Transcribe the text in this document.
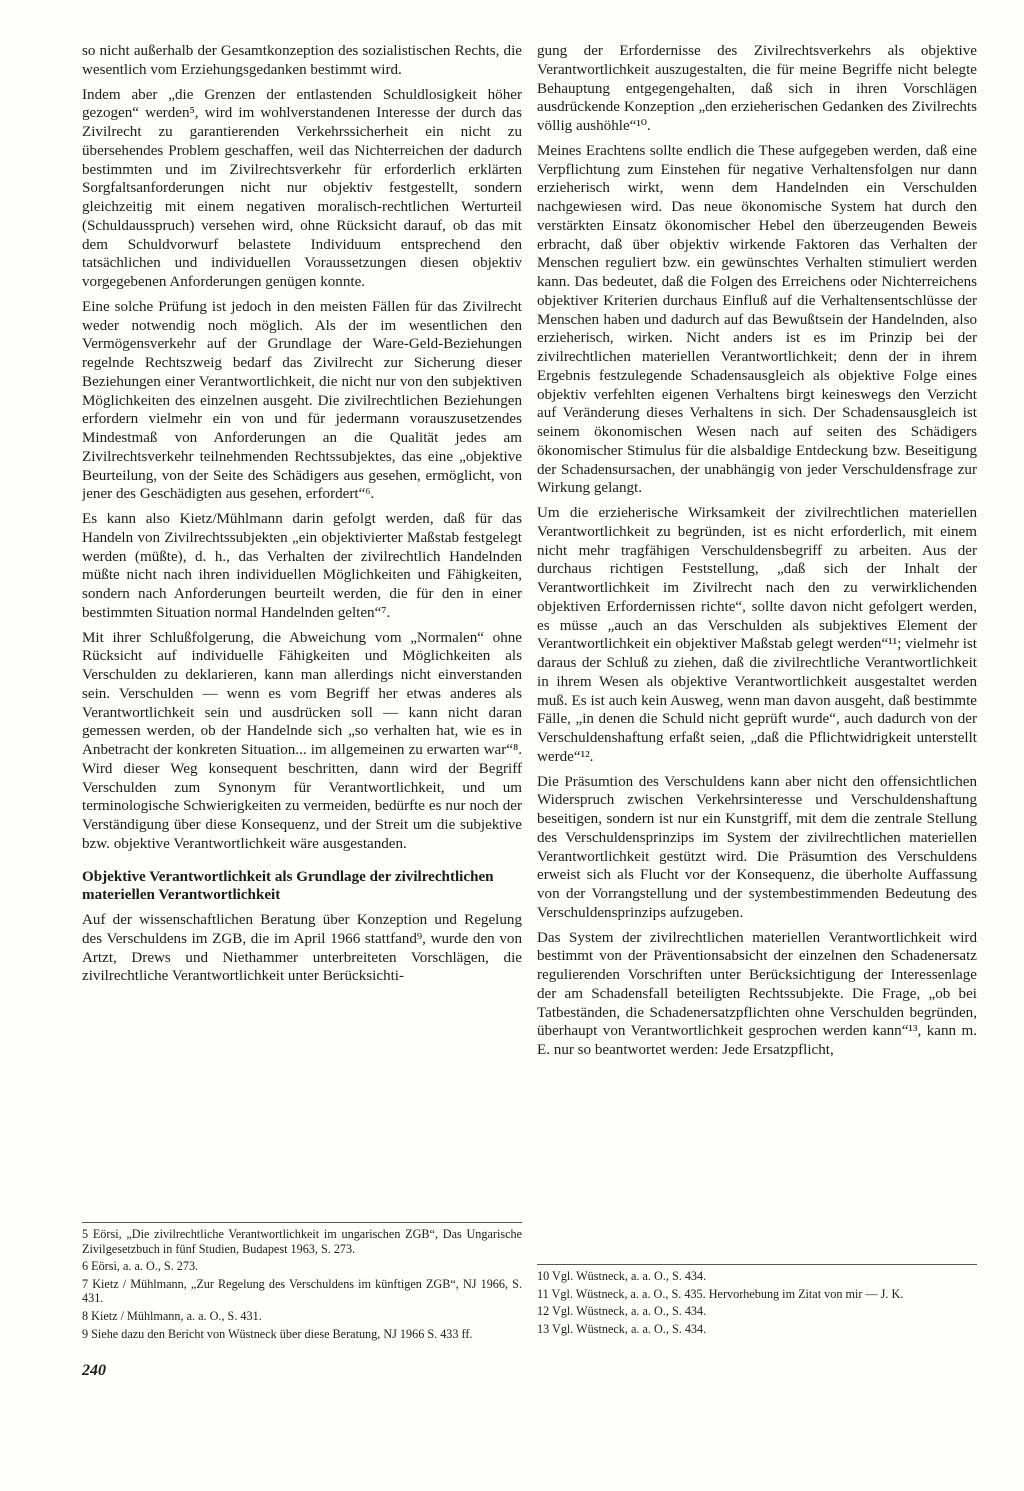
so nicht außerhalb der Gesamtkonzeption des sozialistischen Rechts, die wesentlich vom Erziehungsgedanken bestimmt wird.

Indem aber „die Grenzen der entlastenden Schuldlosigkeit höher gezogen“ werden⁵, wird im wohlverstandenen Interesse der durch das Zivilrecht zu garantierenden Verkehrssicherheit ein nicht zu übersehendes Problem geschaffen, weil das Nichterreichen der dadurch bestimmten und im Zivilrechtsverkehr für erforderlich erklärten Sorgfaltsanforderungen nicht nur objektiv festgestellt, sondern gleichzeitig mit einem negativen moralisch-rechtlichen Werturteil (Schuldausspruch) versehen wird, ohne Rücksicht darauf, ob das mit dem Schuldvorwurf belastete Individuum entsprechend den tatsächlichen und individuellen Voraussetzungen diesen objektiv vorgegebenen Anforderungen genügen konnte.

Eine solche Prüfung ist jedoch in den meisten Fällen für das Zivilrecht weder notwendig noch möglich. Als der im wesentlichen den Vermögensverkehr auf der Grundlage der Ware-Geld-Beziehungen regelnde Rechtszweig bedarf das Zivilrecht zur Sicherung dieser Beziehungen einer Verantwortlichkeit, die nicht nur von den subjektiven Möglichkeiten des einzelnen ausgeht. Die zivilrechtlichen Beziehungen erfordern vielmehr ein von und für jedermann vorauszusetzendes Mindestmaß von Anforderungen an die Qualität jedes am Zivilrechtsverkehr teilnehmenden Rechtssubjektes, das eine „objektive Beurteilung, von der Seite des Schädigers aus gesehen, ermöglicht, von jener des Geschädigten aus gesehen, erfordert“⁶.

Es kann also Kietz/Mühlmann darin gefolgt werden, daß für das Handeln von Zivilrechtssubjekten „ein objektivierter Maßstab festgelegt werden (müßte), d. h., das Verhalten der zivilrechtlich Handelnden müßte nicht nach ihren individuellen Möglichkeiten und Fähigkeiten, sondern nach Anforderungen beurteilt werden, die für den in einer bestimmten Situation normal Handelnden gelten“⁷.

Mit ihrer Schlußfolgerung, die Abweichung vom „Normalen“ ohne Rücksicht auf individuelle Fähigkeiten und Möglichkeiten als Verschulden zu deklarieren, kann man allerdings nicht einverstanden sein. Verschulden — wenn es vom Begriff her etwas anderes als Verantwortlichkeit sein und ausdrücken soll — kann nicht daran gemessen werden, ob der Handelnde sich „so verhalten hat, wie es in Anbetracht der konkreten Situation... im allgemeinen zu erwarten war“⁸. Wird dieser Weg konsequent beschritten, dann wird der Begriff Verschulden zum Synonym für Verantwortlichkeit, und um terminologische Schwierigkeiten zu vermeiden, bedürfte es nur noch der Verständigung über diese Konsequenz, und der Streit um die subjektive bzw. objektive Verantwortlichkeit wäre ausgestanden.

Objektive Verantwortlichkeit als Grundlage der zivilrechtlichen materiellen Verantwortlichkeit

Auf der wissenschaftlichen Beratung über Konzeption und Regelung des Verschuldens im ZGB, die im April 1966 stattfand⁹, wurde den von Artzt, Drews und Niethammer unterbreiteten Vorschlägen, die zivilrechtliche Verantwortlichkeit unter Berücksichti-

5 Eörsi, „Die zivilrechtliche Verantwortlichkeit im ungarischen ZGB“, Das Ungarische Zivilgesetzbuch in fünf Studien, Budapest 1963, S. 273.
6 Eörsi, a. a. O., S. 273.
7 Kietz / Mühlmann, „Zur Regelung des Verschuldens im künftigen ZGB“, NJ 1966, S. 431.
8 Kietz / Mühlmann, a. a. O., S. 431.
9 Siehe dazu den Bericht von Wüstneck über diese Beratung, NJ 1966 S. 433 ff.

gung der Erfordernisse des Zivilrechtsverkehrs als objektive Verantwortlichkeit auszugestalten, die für meine Begriffe nicht belegte Behauptung entgegengehalten, daß sich in ihren Vorschlägen ausdrückende Konzeption „den erzieherischen Gedanken des Zivilrechts völlig aushöhle“¹⁰.

Meines Erachtens sollte endlich die These aufgegeben werden, daß eine Verpflichtung zum Einstehen für negative Verhaltensfolgen nur dann erzieherisch wirkt, wenn dem Handelnden ein Verschulden nachgewiesen wird. Das neue ökonomische System hat durch den verstärkten Einsatz ökonomischer Hebel den überzeugenden Beweis erbracht, daß über objektiv wirkende Faktoren das Verhalten der Menschen reguliert bzw. ein gewünschtes Verhalten stimuliert werden kann. Das bedeutet, daß die Folgen des Erreichens oder Nichterreichens objektiver Kriterien durchaus Einfluß auf die Verhaltensentschlüsse der Menschen haben und dadurch auf das Bewußtsein der Handelnden, also erzieherisch, wirken. Nicht anders ist es im Prinzip bei der zivilrechtlichen materiellen Verantwortlichkeit; denn der in ihrem Ergebnis festzulegende Schadensausgleich als objektive Folge eines objektiv verfehlten eigenen Verhaltens birgt keineswegs den Verzicht auf Veränderung dieses Verhaltens in sich. Der Schadensausgleich ist seinem ökonomischen Wesen nach auf seiten des Schädigers ökonomischer Stimulus für die alsbaldige Entdeckung bzw. Beseitigung der Schadensursachen, der unabhängig von jeder Verschuldensfrage zur Wirkung gelangt.

Um die erzieherische Wirksamkeit der zivilrechtlichen materiellen Verantwortlichkeit zu begründen, ist es nicht erforderlich, mit einem nicht mehr tragfähigen Verschuldensbegriff zu arbeiten. Aus der durchaus richtigen Feststellung, „daß sich der Inhalt der Verantwortlichkeit im Zivilrecht nach den zu verwirklichenden objektiven Erfordernissen richte“, sollte davon nicht gefolgert werden, es müsse „auch an das Verschulden als subjektives Element der Verantwortlichkeit ein objektiver Maßstab gelegt werden“¹¹; vielmehr ist daraus der Schluß zu ziehen, daß die zivilrechtliche Verantwortlichkeit in ihrem Wesen als objektive Verantwortlichkeit ausgestaltet werden muß. Es ist auch kein Ausweg, wenn man davon ausgeht, daß bestimmte Fälle, „in denen die Schuld nicht geprüft wurde“, auch dadurch von der Verschuldenshaftung erfaßt seien, „daß die Pflichtwidrigkeit unterstellt werde“¹².

Die Präsumtion des Verschuldens kann aber nicht den offensichtlichen Widerspruch zwischen Verkehrsinteresse und Verschuldenshaftung beseitigen, sondern ist nur ein Kunstgriff, mit dem die zentrale Stellung des Verschuldensprinzips im System der zivilrechtlichen materiellen Verantwortlichkeit gestützt wird. Die Präsumtion des Verschuldens erweist sich als Flucht vor der Konsequenz, die überholte Auffassung von der Vorrangstellung und der systembestimmenden Bedeutung des Verschuldensprinzips aufzugeben.

Das System der zivilrechtlichen materiellen Verantwortlichkeit wird bestimmt von der Präventionsabsicht der einzelnen den Schadenersatz regulierenden Vorschriften unter Berücksichtigung der Interessenlage der am Schadensfall beteiligten Rechtssubjekte. Die Frage, „ob bei Tatbeständen, die Schadenersatzpflichten ohne Verschulden begründen, überhaupt von Verantwortlichkeit gesprochen werden kann“¹³, kann m. E. nur so beantwortet werden: Jede Ersatzpflicht,

10 Vgl. Wüstneck, a. a. O., S. 434.
11 Vgl. Wüstneck, a. a. O., S. 435. Hervorhebung im Zitat von mir — J. K.
12 Vgl. Wüstneck, a. a. O., S. 434.
13 Vgl. Wüstneck, a. a. O., S. 434.
240
